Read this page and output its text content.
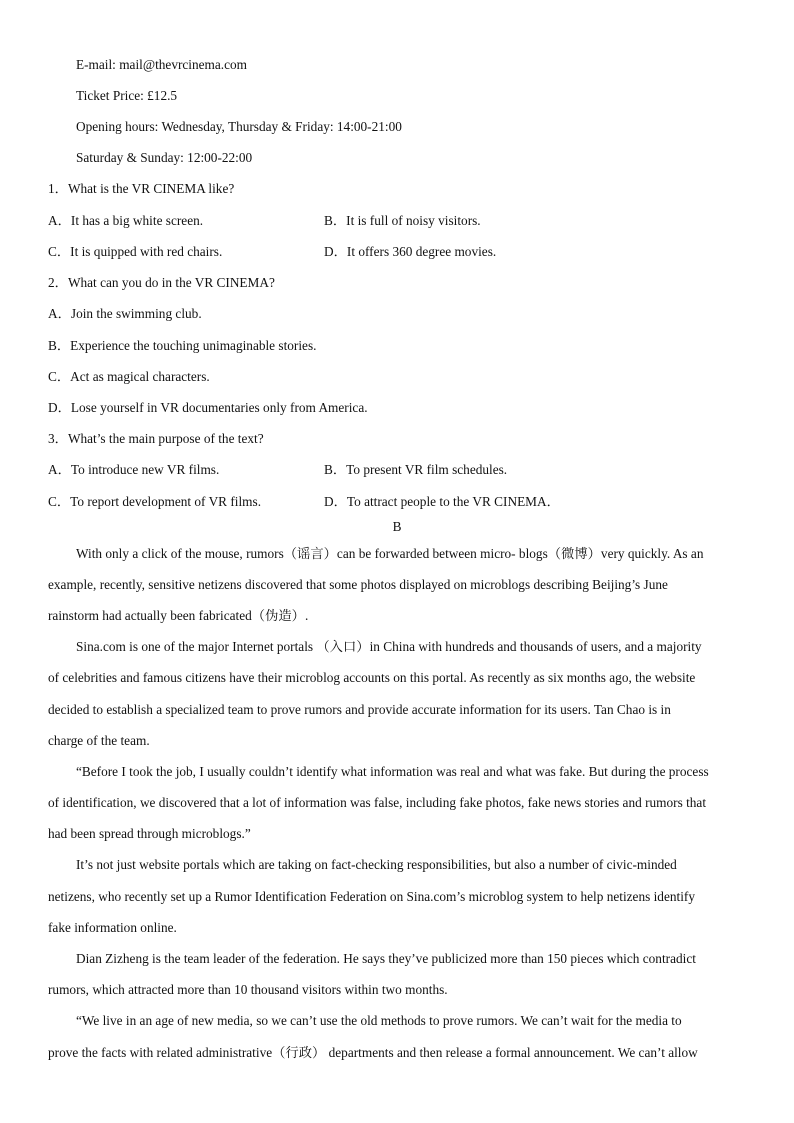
E-mail: mail@thevrcinema.com
Ticket Price: £12.5
Opening hours: Wednesday, Thursday & Friday: 14:00-21:00
Saturday & Sunday: 12:00-22:00
1．What is the VR CINEMA like?
A．It has a big white screen.	B．It is full of noisy visitors.
C．It is quipped with red chairs.	D．It offers 360 degree movies.
2．What can you do in the VR CINEMA?
A．Join the swimming club.
B．Experience the touching unimaginable stories.
C．Act as magical characters.
D．Lose yourself in VR documentaries only from America.
3．What’s the main purpose of the text?
A．To introduce new VR films.	B．To present VR film schedules.
C．To report development of VR films.	D．To attract people to the VR CINEMA．
B
With only a click of the mouse, rumors（谣言）can be forwarded between micro- blogs（微博）very quickly. As an
example, recently, sensitive netizens discovered that some photos displayed on microblogs describing Beijing’s June
rainstorm had actually been fabricated（伪造）.
Sina.com is one of the major Internet portals （入口）in China with hundreds and thousands of users, and a majority
of celebrities and famous citizens have their microblog accounts on this portal. As recently as six months ago, the website
decided to establish a specialized team to prove rumors and provide accurate information for its users. Tan Chao is in
charge of the team.
“Before I took the job, I usually couldn’t identify what information was real and what was fake. But during the process
of identification, we discovered that a lot of information was false, including fake photos, fake news stories and rumors that
had been spread through microblogs.”
It’s not just website portals which are taking on fact-checking responsibilities, but also a number of civic-minded
netizens, who recently set up a Rumor Identification Federation on Sina.com’s microblog system to help netizens identify
fake information online.
Dian Zizheng is the team leader of the federation. He says they’ve publicized more than 150 pieces which contradict
rumors, which attracted more than 10 thousand visitors within two months.
“We live in an age of new media, so we can’t use the old methods to prove rumors. We can’t wait for the media to
prove the facts with related administrative（行政） departments and then release a formal announcement. We can’t allow
